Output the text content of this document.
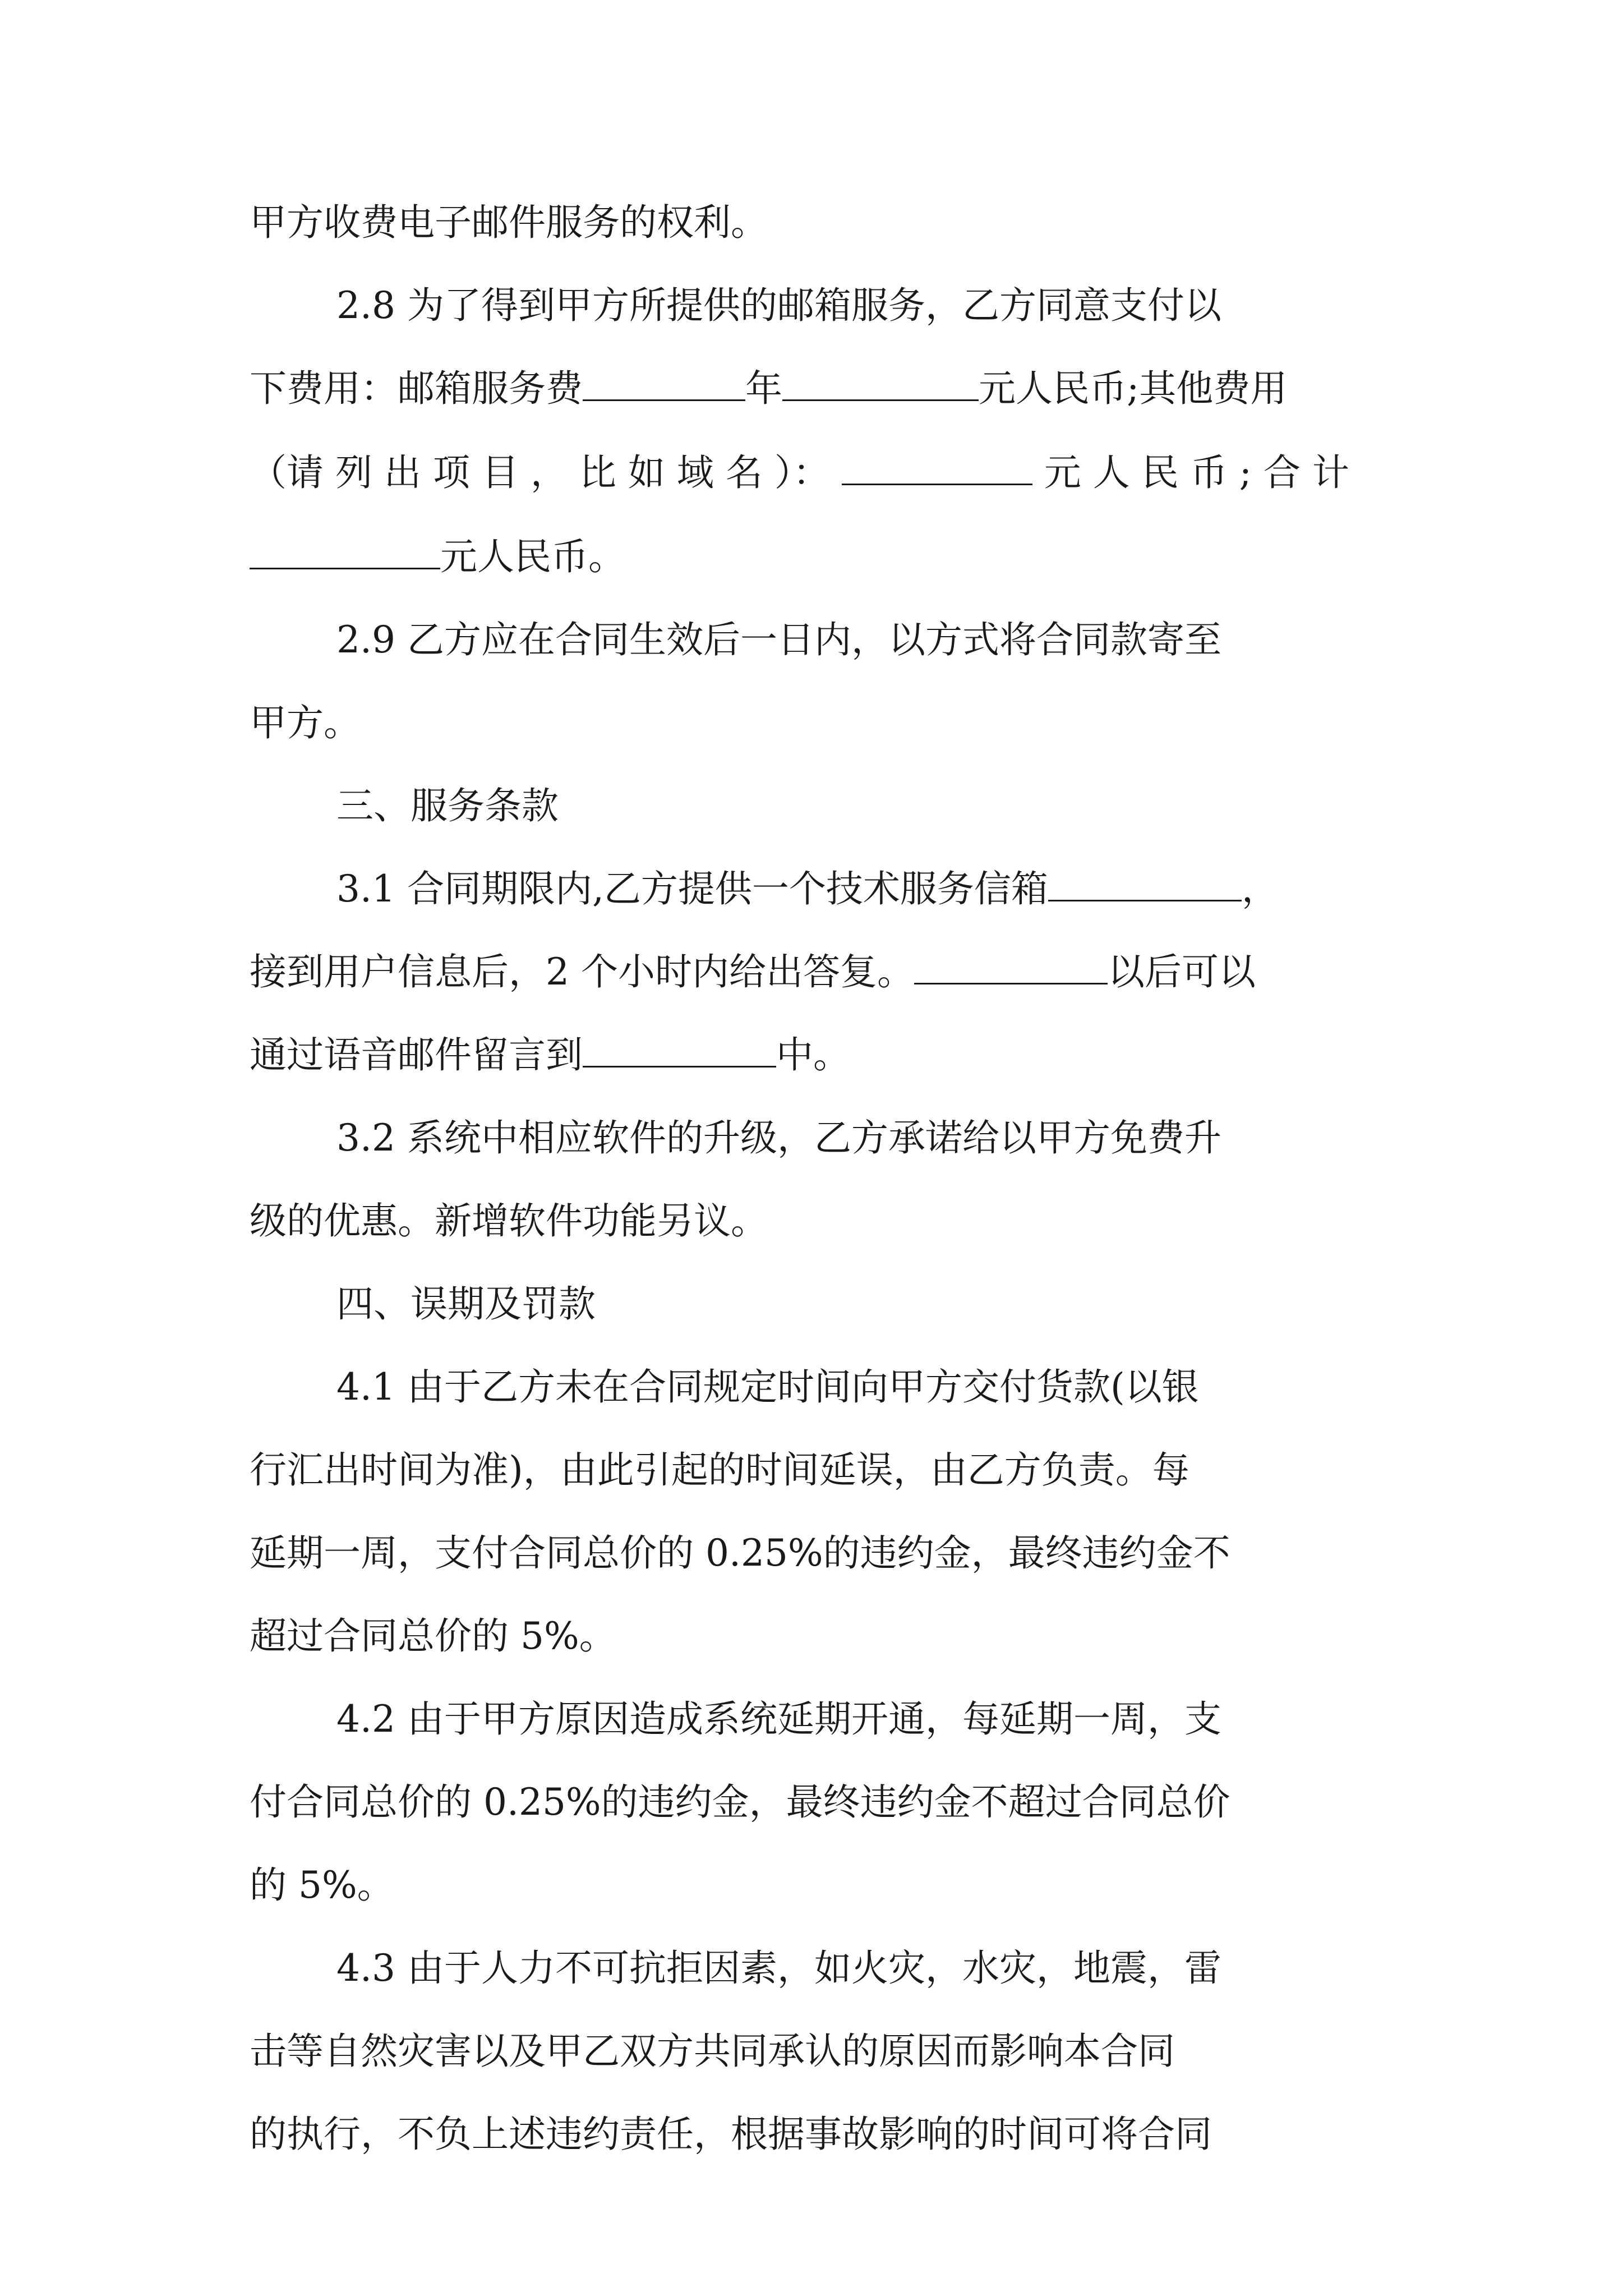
甲方收费电子邮件服务的权利。
2.8 为了得到甲方所提供的邮箱服务，乙方同意支付以
下费用：邮箱服务费	年	元人民币;其他费用
（请 列 出 项 目 ， 比 如 域 名 ）：	元 人 民 币 ; 合 计
元人民币。
2.9 乙方应在合同生效后一日内，以方式将合同款寄至
甲方。
三、服务条款
3.1 合同期限内,乙方提供一个技术服务信箱	，
接到用户信息后，2 个小时内给出答复。	以后可以
通过语音邮件留言到	中。
3.2 系统中相应软件的升级，乙方承诺给以甲方免费升
级的优惠。新增软件功能另议。
四、误期及罚款
4.1 由于乙方未在合同规定时间向甲方交付货款(以银
行汇出时间为准)，由此引起的时间延误，由乙方负责。每
延期一周，支付合同总价的 0.25%的违约金，最终违约金不
超过合同总价的 5%。
4.2 由于甲方原因造成系统延期开通，每延期一周，支
付合同总价的 0.25%的违约金，最终违约金不超过合同总价
的 5%。
4.3 由于人力不可抗拒因素，如火灾，水灾，地震，雷
击等自然灾害以及甲乙双方共同承认的原因而影响本合同
的执行，不负上述违约责任，根据事故影响的时间可将合同
